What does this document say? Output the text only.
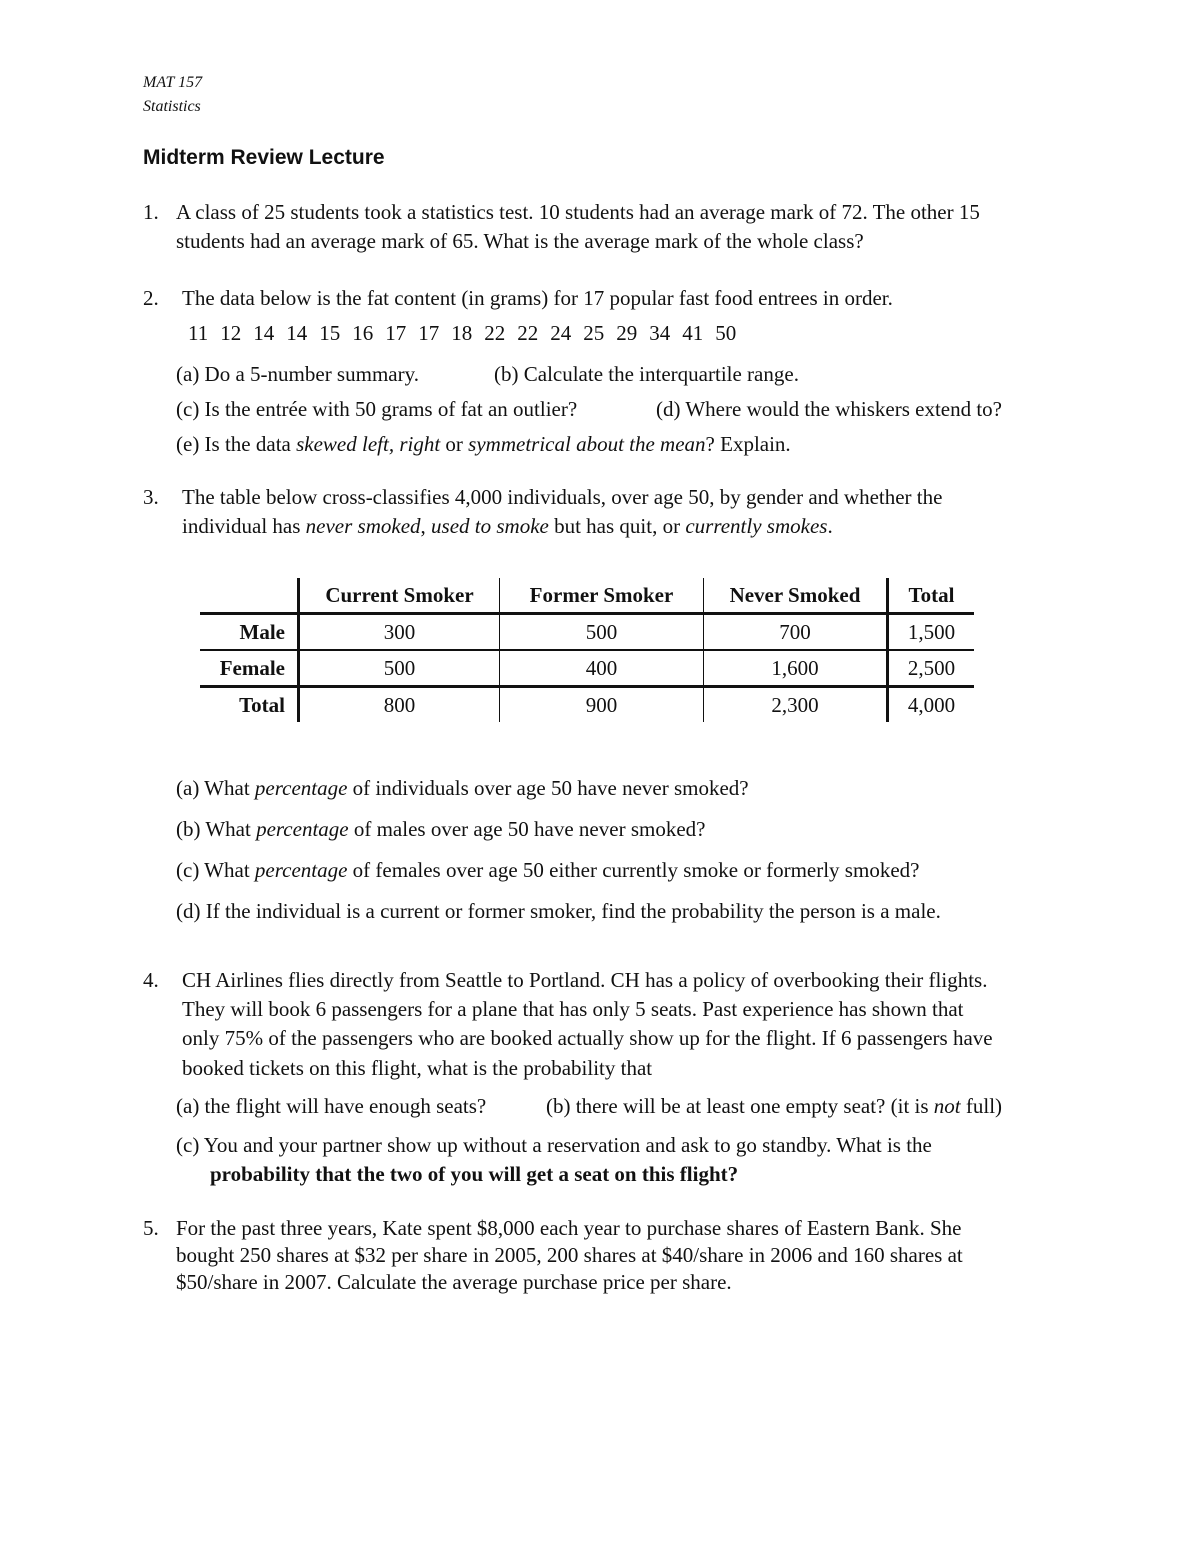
MAT 157
Statistics
Midterm Review Lecture
1. A class of 25 students took a statistics test. 10 students had an average mark of 72. The other 15
students had an average mark of 65. What is the average mark of the whole class?
2. The data below is the fat content (in grams) for 17 popular fast food entrees in order.
11 12 14 14 15 16 17 17 18 22 22 24 25 29 34 41 50
(a) Do a 5-number summary.	(b) Calculate the interquartile range.
(c) Is the entrée with 50 grams of fat an outlier?	(d) Where would the whiskers extend to?
(e) Is the data skewed left, right or symmetrical about the mean? Explain.
3. The table below cross-classifies 4,000 individuals, over age 50, by gender and whether the
individual has never smoked, used to smoke but has quit, or currently smokes.
	Current Smoker	Former Smoker	Never Smoked	Total
Male	300	500	700	1,500
Female	500	400	1,600	2,500
Total	800	900	2,300	4,000
(a) What percentage of individuals over age 50 have never smoked?
(b) What percentage of males over age 50 have never smoked?
(c) What percentage of females over age 50 either currently smoke or formerly smoked?
(d) If the individual is a current or former smoker, find the probability the person is a male.
4. CH Airlines flies directly from Seattle to Portland. CH has a policy of overbooking their flights.
They will book 6 passengers for a plane that has only 5 seats. Past experience has shown that
only 75% of the passengers who are booked actually show up for the flight. If 6 passengers have
booked tickets on this flight, what is the probability that
(a) the flight will have enough seats?	(b) there will be at least one empty seat? (it is not full)
(c) You and your partner show up without a reservation and ask to go standby. What is the
probability that the two of you will get a seat on this flight?
5. For the past three years, Kate spent $8,000 each year to purchase shares of Eastern Bank. She
bought 250 shares at $32 per share in 2005, 200 shares at $40/share in 2006 and 160 shares at
$50/share in 2007. Calculate the average purchase price per share.
